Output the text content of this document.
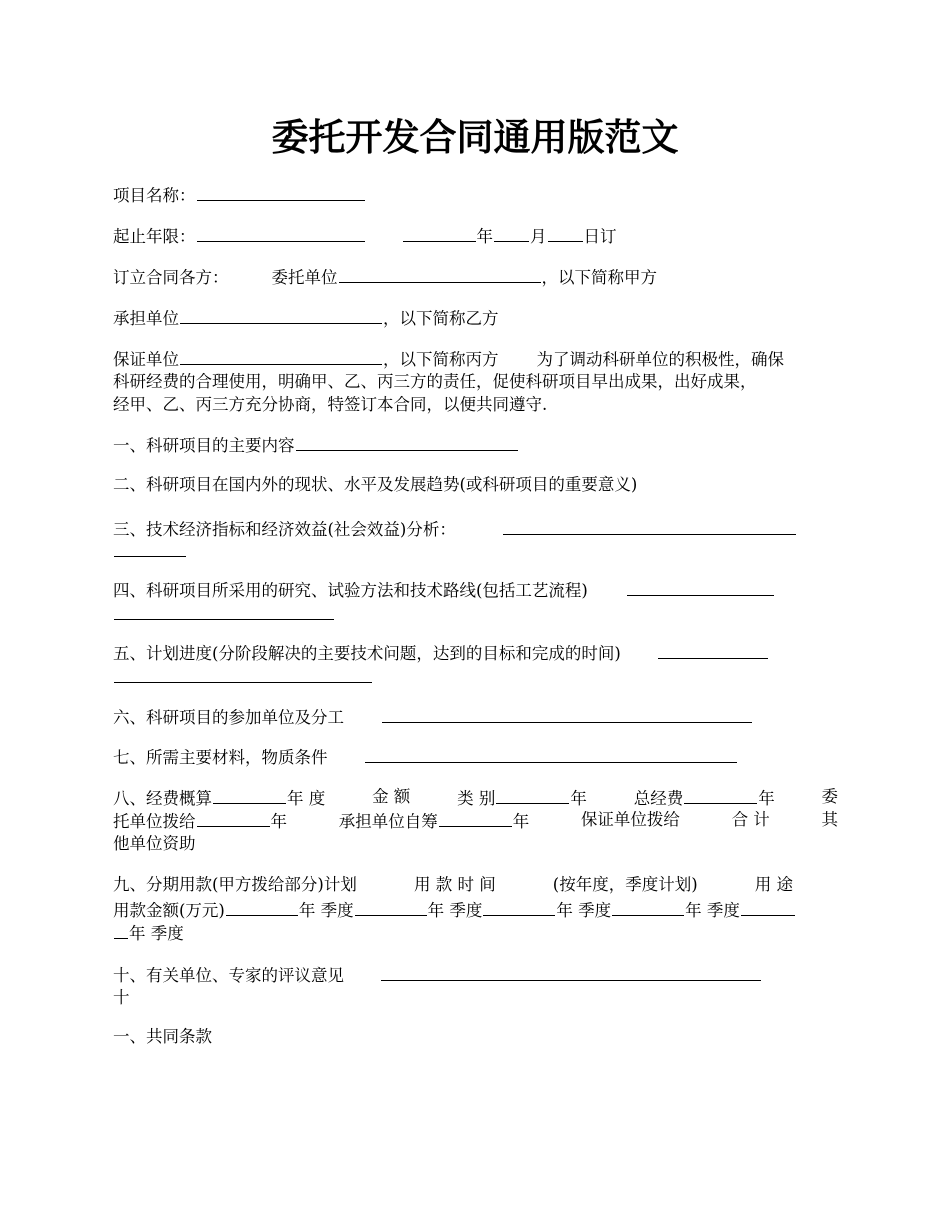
委托开发合同通用版范文
项目名称：
起止年限：	年 月 日订
订立合同各方：	委托单位	，以下简称甲方
承担单位	，以下简称乙方
保证单位	，以下简称丙方 为了调动科研单位的积极性，确保
科研经费的合理使用，明确甲、乙、丙三方的责任，促使科研项目早出成果，出好成果，
经甲、乙、丙三方充分协商，特签订本合同，以便共同遵守.
一、科研项目的主要内容
二、科研项目在国内外的现状、水平及发展趋势(或科研项目的重要意义)
三、技术经济指标和经济效益(社会效益)分析：
四、科研项目所采用的研究、试验方法和技术路线(包括工艺流程)
五、计划进度(分阶段解决的主要技术问题，达到的目标和完成的时间)
六、科研项目的参加单位及分工
七、所需主要材料，物质条件
八、经费概算	年 度	金 额	类 别	年	总经费	年	委
托单位拨给	年	承担单位自筹	年	保证单位拨给	合 计	其
他单位资助
九、分期用款(甲方拨给部分)计划	用 款 时 间	(按年度，季度计划)	用 途
用款金额(万元)	年 季度	年 季度	年 季度	年 季度
年 季度
十、有关单位、专家的评议意见
十
一、共同条款
